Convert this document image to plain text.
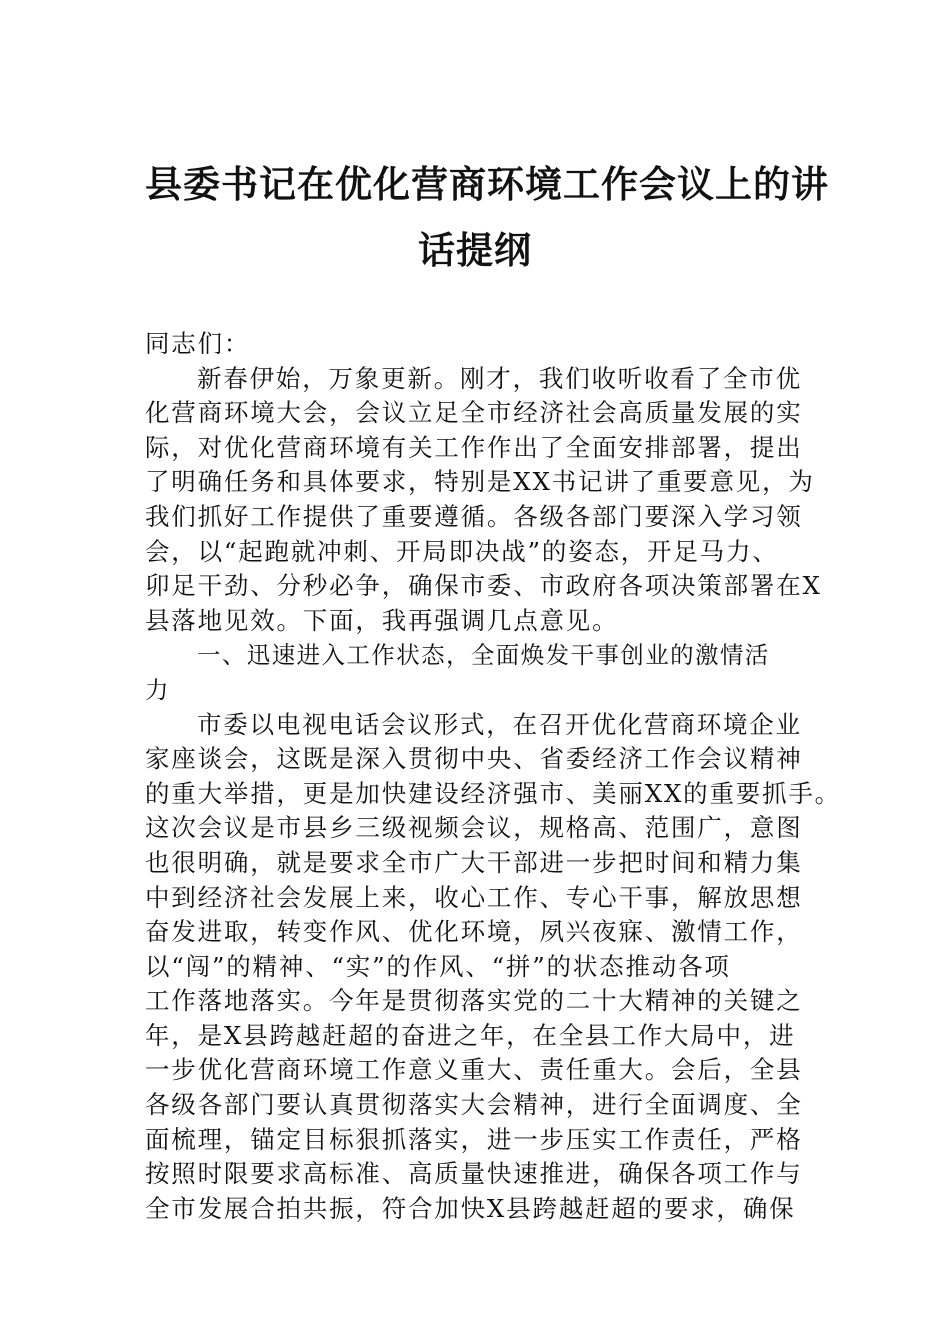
县委书记在优化营商环境工作会议上的讲
话提纲
同志们：
新春伊始，万象更新。刚才，我们收听收看了全市优
化营商环境大会，会议立足全市经济社会高质量发展的实
际，对优化营商环境有关工作作出了全面安排部署，提出
了明确任务和具体要求，特别是XX书记讲了重要意见，为
我们抓好工作提供了重要遵循。各级各部门要深入学习领
会，以“起跑就冲刺、开局即决战”的姿态，开足马力、
卯足干劲、分秒必争，确保市委、市政府各项决策部署在X
县落地见效。下面，我再强调几点意见。
一、迅速进入工作状态，全面焕发干事创业的激情活
力
市委以电视电话会议形式，在召开优化营商环境企业
家座谈会，这既是深入贯彻中央、省委经济工作会议精神
的重大举措，更是加快建设经济强市、美丽XX的重要抓手。
这次会议是市县乡三级视频会议，规格高、范围广，意图
也很明确，就是要求全市广大干部进一步把时间和精力集
中到经济社会发展上来，收心工作、专心干事，解放思想
奋发进取，转变作风、优化环境，夙兴夜寐、激情工作，
以“闯”的精神、“实”的作风、“拼”的状态推动各项
工作落地落实。今年是贯彻落实党的二十大精神的关键之
年，是X县跨越赶超的奋进之年，在全县工作大局中，进
一步优化营商环境工作意义重大、责任重大。会后，全县
各级各部门要认真贯彻落实大会精神，进行全面调度、全
面梳理，锚定目标狠抓落实，进一步压实工作责任，严格
按照时限要求高标准、高质量快速推进，确保各项工作与
全市发展合拍共振，符合加快X县跨越赶超的要求，确保
